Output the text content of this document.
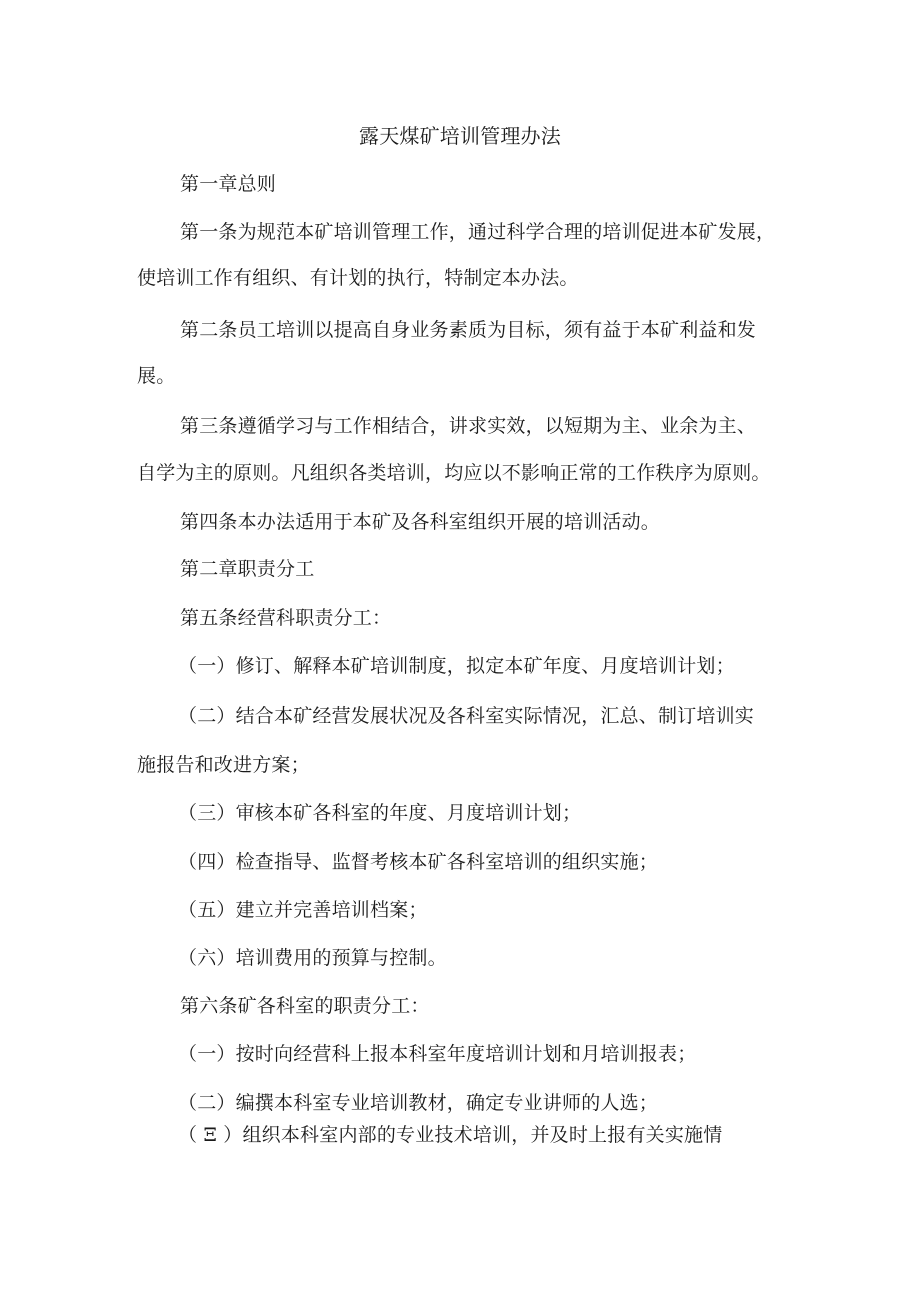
露天煤矿培训管理办法
第一章总则
第一条为规范本矿培训管理工作，通过科学合理的培训促进本矿发展，
使培训工作有组织、有计划的执行，特制定本办法。
第二条员工培训以提高自身业务素质为目标，须有益于本矿利益和发
展。
第三条遵循学习与工作相结合，讲求实效，以短期为主、业余为主、
自学为主的原则。凡组织各类培训，均应以不影响正常的工作秩序为原则。
第四条本办法适用于本矿及各科室组织开展的培训活动。
第二章职责分工
第五条经营科职责分工：
（一）修订、解释本矿培训制度，拟定本矿年度、月度培训计划；
（二）结合本矿经营发展状况及各科室实际情况，汇总、制订培训实
施报告和改进方案；
（三）审核本矿各科室的年度、月度培训计划；
（四）检查指导、监督考核本矿各科室培训的组织实施；
（五）建立并完善培训档案；
（六）培训费用的预算与控制。
第六条矿各科室的职责分工：
（一）按时向经营科上报本科室年度培训计划和月培训报表；
（二）编撰本科室专业培训教材，确定专业讲师的人选；
（ Ξ ）组织本科室内部的专业技术培训，并及时上报有关实施情
